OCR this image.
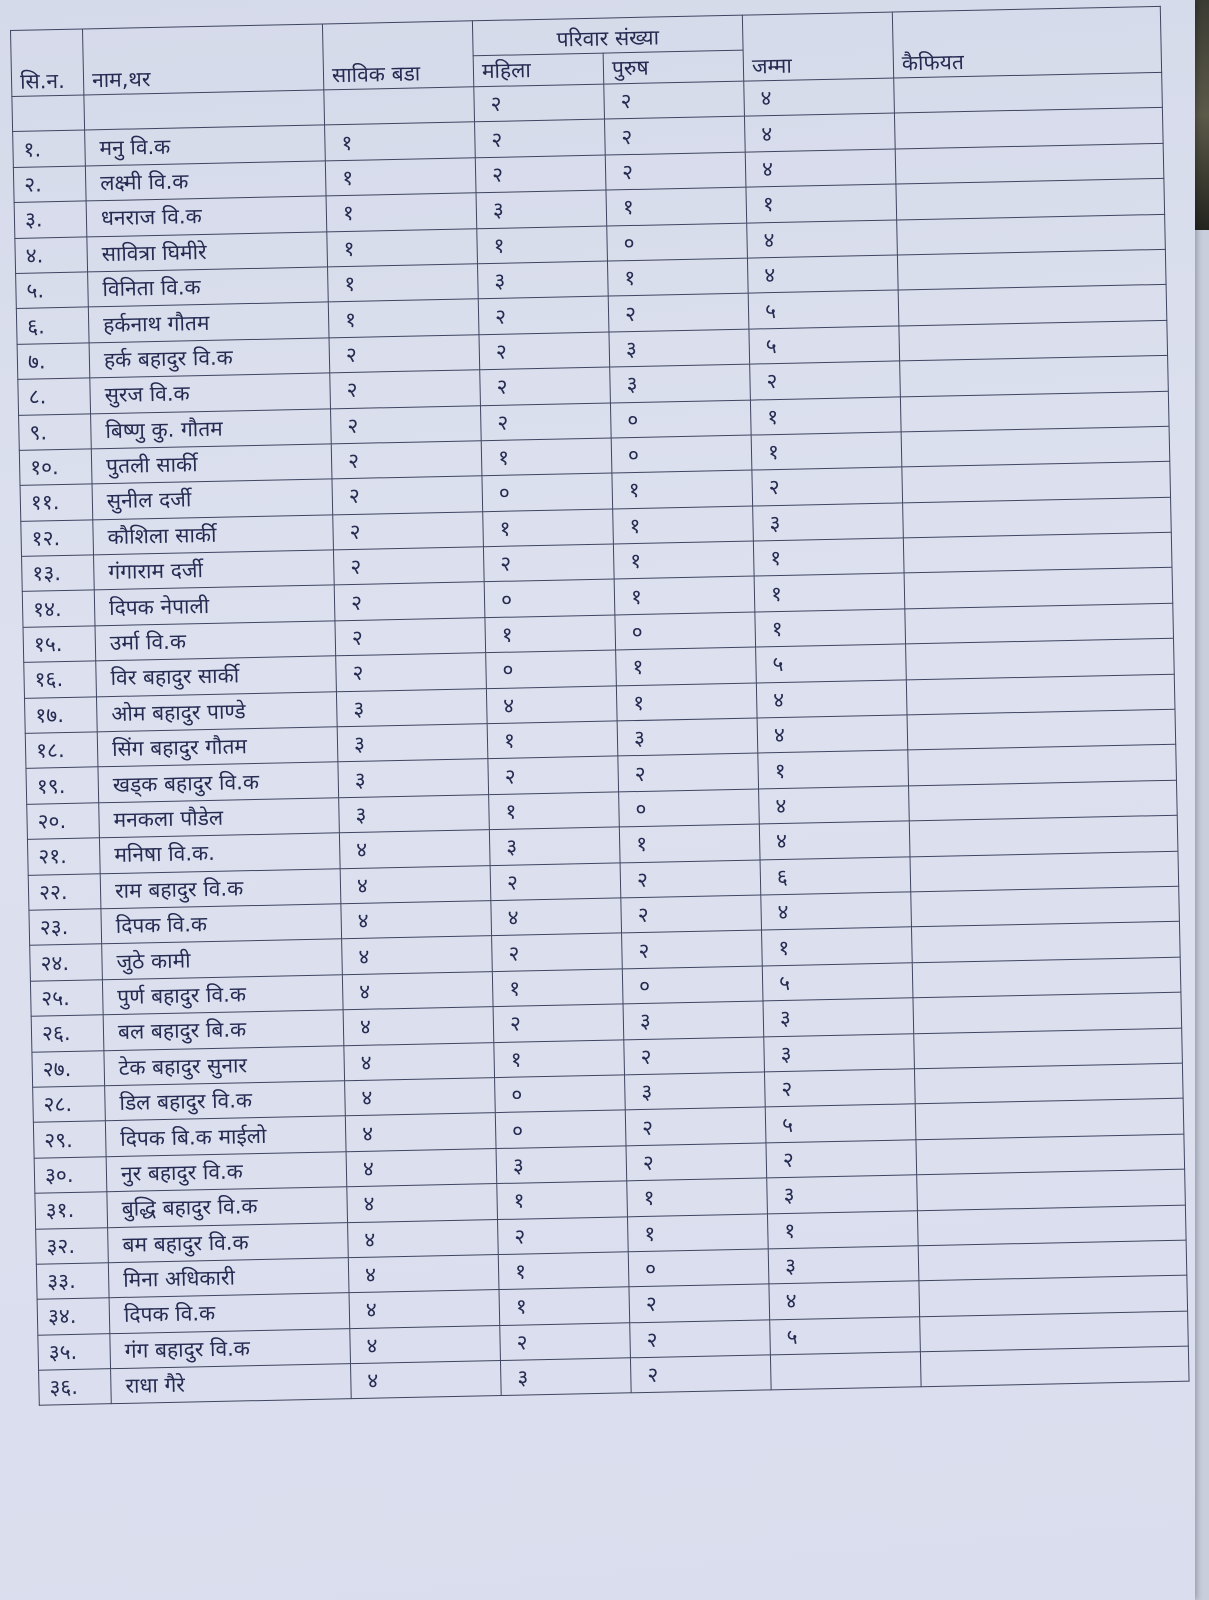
सि.न.	नाम,थर	साविक बडा	परिवार संख्या		जम्मा	कैफियत
			महिला	पुरुष		
			२	२	४	
१.	मनु वि.क	१	२	२	४	
२.	लक्ष्मी वि.क	१	२	२	४	
३.	धनराज वि.क	१	३	१	१	
४.	सावित्रा घिमीरे	१	१	०	४	
५.	विनिता वि.क	१	३	१	४	
६.	हर्कनाथ गौतम	१	२	२	५	
७.	हर्क बहादुर वि.क	२	२	३	५	
८.	सुरज वि.क	२	२	३	२	
९.	बिष्णु कु. गौतम	२	२	०	१	
१०.	पुतली सार्की	२	१	०	१	
११.	सुनील दर्जी	२	०	१	२	
१२.	कौशिला सार्की	२	१	१	३	
१३.	गंगाराम दर्जी	२	२	१	१	
१४.	दिपक नेपाली	२	०	१	१	
१५.	उर्मा वि.क	२	१	०	१	
१६.	विर बहादुर सार्की	२	०	१	५	
१७.	ओम बहादुर पाण्डे	३	४	१	४	
१८.	सिंग बहादुर गौतम	३	१	३	४	
१९.	खड्क बहादुर वि.क	३	२	२	१	
२०.	मनकला पौडेल	३	१	०	४	
२१.	मनिषा वि.क.	४	३	१	४	
२२.	राम बहादुर वि.क	४	२	२	६	
२३.	दिपक वि.क	४	४	२	४	
२४.	जुठे कामी	४	२	२	१	
२५.	पुर्ण बहादुर वि.क	४	१	०	५	
२६.	बल बहादुर बि.क	४	२	३	३	
२७.	टेक बहादुर सुनार	४	१	२	३	
२८.	डिल बहादुर वि.क	४	०	३	२	
२९.	दिपक बि.क माईलो	४	०	२	५	
३०.	नुर बहादुर वि.क	४	३	२	२	
३१.	बुद्धि बहादुर वि.क	४	१	१	३	
३२.	बम बहादुर वि.क	४	२	१	१	
३३.	मिना अधिकारी	४	१	०	३	
३४.	दिपक वि.क	४	१	२	४	
३५.	गंग बहादुर वि.क	४	२	२	५	
३६.	राधा गैरे	४	३	२		
